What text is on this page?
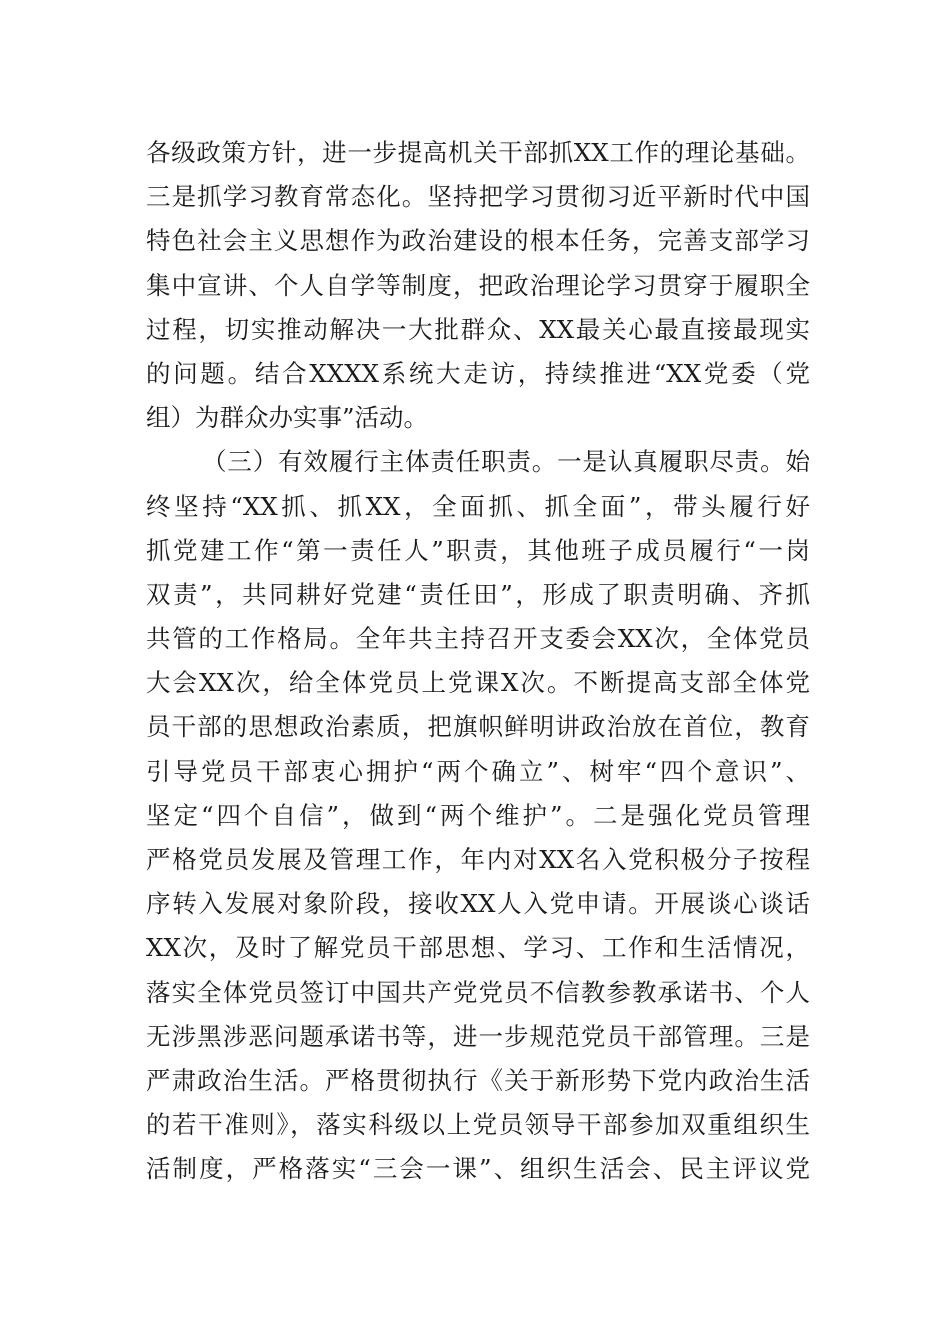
各级政策方针，进一步提高机关干部抓XX工作的理论基础。
三是抓学习教育常态化。坚持把学习贯彻习近平新时代中国
特色社会主义思想作为政治建设的根本任务，完善支部学习
集中宣讲、个人自学等制度，把政治理论学习贯穿于履职全
过程，切实推动解决一大批群众、XX最关心最直接最现实
的问题。结合XXXX系统大走访，持续推进“XX党委（党
组）为群众办实事”活动。
（三）有效履行主体责任职责。一是认真履职尽责。始
终坚持“XX抓、抓XX，全面抓、抓全面”，带头履行好
抓党建工作“第一责任人”职责，其他班子成员履行“一岗
双责”，共同耕好党建“责任田”，形成了职责明确、齐抓
共管的工作格局。全年共主持召开支委会XX次，全体党员
大会XX次，给全体党员上党课X次。不断提高支部全体党
员干部的思想政治素质，把旗帜鲜明讲政治放在首位，教育
引导党员干部衷心拥护“两个确立”、树牢“四个意识”、
坚定“四个自信”，做到“两个维护”。二是强化党员管理
严格党员发展及管理工作，年内对XX名入党积极分子按程
序转入发展对象阶段，接收XX人入党申请。开展谈心谈话
XX次，及时了解党员干部思想、学习、工作和生活情况，
落实全体党员签订中国共产党党员不信教参教承诺书、个人
无涉黑涉恶问题承诺书等，进一步规范党员干部管理。三是
严肃政治生活。严格贯彻执行《关于新形势下党内政治生活
的若干准则》，落实科级以上党员领导干部参加双重组织生
活制度，严格落实“三会一课”、组织生活会、民主评议党
